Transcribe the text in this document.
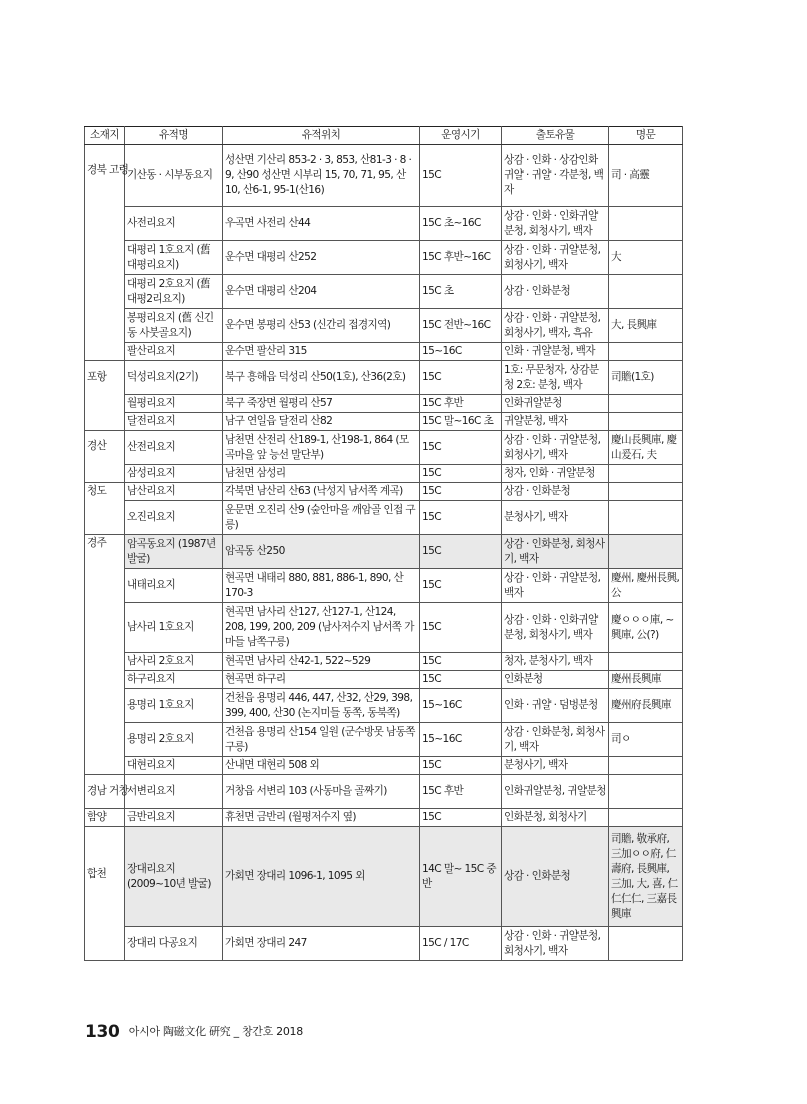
소재지	유적명	유적위치	운영시기	출토유물	명문
경북 고령	기산동 · 시부동요지	성산면 기산리 853-2 · 3, 853, 산81-3 · 8 · 9, 산90 성산면 시부리 15, 70, 71, 95, 산10, 산6-1, 95-1(산16)	15C	상감 · 인화 · 상감인화 귀얄 · 귀얄 · 각분청, 백자	司 · 高靈
	사전리요지	우곡면 사전리 산44	15C 초~16C	상감 · 인화 · 인화귀얄 분청, 회청사기, 백자	
	대평리 1호요지 (舊 대평리요지)	운수면 대평리 산252	15C 후반~16C	상감 · 인화 · 귀얄분청, 회청사기, 백자	大
	대평리 2호요지 (舊 대평2리요지)	운수면 대평리 산204	15C 초	상감 · 인화분청	
	봉평리요지 (舊 신긴동 사붓골요지)	운수면 봉평리 산53 (신간리 접경지역)	15C 전반~16C	상감 · 인화 · 귀얄분청, 회청사기, 백자, 흑유	大, 長興庫
	팔산리요지	운수면 팔산리 315	15~16C	인화 · 귀얄분청, 백자	
포항	덕성리요지(2기)	북구 흥해읍 덕성리 산50(1호), 산36(2호)	15C	1호: 무문청자, 상감분청 2호: 분청, 백자	司贍(1호)
	월평리요지	북구 죽장면 월평리 산57	15C 후반	인화귀얄분청	
	달전리요지	남구 연일읍 달전리 산82	15C 말~16C 초	귀얄분청, 백자	
경산	산전리요지	남천면 산전리 산189-1, 산198-1, 864 (모곡마을 앞 능선 말단부)	15C	상감 · 인화 · 귀얄분청, 회청사기, 백자	慶山長興庫, 慶山爰石, 夫
	삼성리요지	남천면 삼성리	15C	청자, 인화 · 귀얄분청	
청도	남산리요지	각북면 남산리 산63 (낙성지 남서쪽 계곡)	15C	상감 · 인화분청	
	오진리요지	운문면 오진리 산9 (숲안마을 깨암골 인접 구릉)	15C	분청사기, 백자	
경주	암곡동요지 (1987년 발굴)	암곡동 산250	15C	상감 · 인화분청, 회청사기, 백자	
	내태리요지	현곡면 내태리 880, 881, 886-1, 890, 산170-3	15C	상감 · 인화 · 귀얄분청, 백자	慶州, 慶州長興, 公
	남사리 1호요지	현곡면 남사리 산127, 산127-1, 산124, 208, 199, 200, 209 (남사저수지 남서쪽 가마들 남쪽구릉)	15C	상감 · 인화 · 인화귀얄분청, 회청사기, 백자	慶ㅇㅇㅇ庫, ~興庫, 公(?)
	남사리 2호요지	현곡면 남사리 산42-1, 522~529	15C	청자, 분청사기, 백자	
	하구리요지	현곡면 하구리	15C	인화분청	慶州長興庫
	용명리 1호요지	건천읍 용명리 446, 447, 산32, 산29, 398, 399, 400, 산30 (논지미들 동쪽, 동북쪽)	15~16C	인화 · 귀얄 · 덤벙분청	慶州府長興庫
	용명리 2호요지	건천읍 용명리 산154 일원 (군수방못 남동쪽 구릉)	15~16C	상감 · 인화분청, 회청사기, 백자	司ㅇ
	대현리요지	산내면 대현리 508 외	15C	분청사기, 백자	
경남 거창	서변리요지	거창읍 서변리 103 (사동마을 골짜기)	15C 후반	인화귀얄분청, 귀얄분청	
함양	금반리요지	휴천면 금반리 (월평저수지 옆)	15C	인화분청, 회청사기	
합천	장대리요지 (2009~10년 발굴)	가회면 장대리 1096-1, 1095 외	14C 말~ 15C 중반	상감 · 인화분청	司贍, 敬承府, 三加ㅇㅇ府, 仁壽府, 長興庫, 三加, 大, 喜, 仁仁仁仁, 三嘉長興庫
	장대리 다공요지	가회면 장대리 247	15C / 17C	상감 · 인화 · 귀얄분청, 회청사기, 백자	
130 아시아 陶磁文化 硏究 _ 창간호 2018
